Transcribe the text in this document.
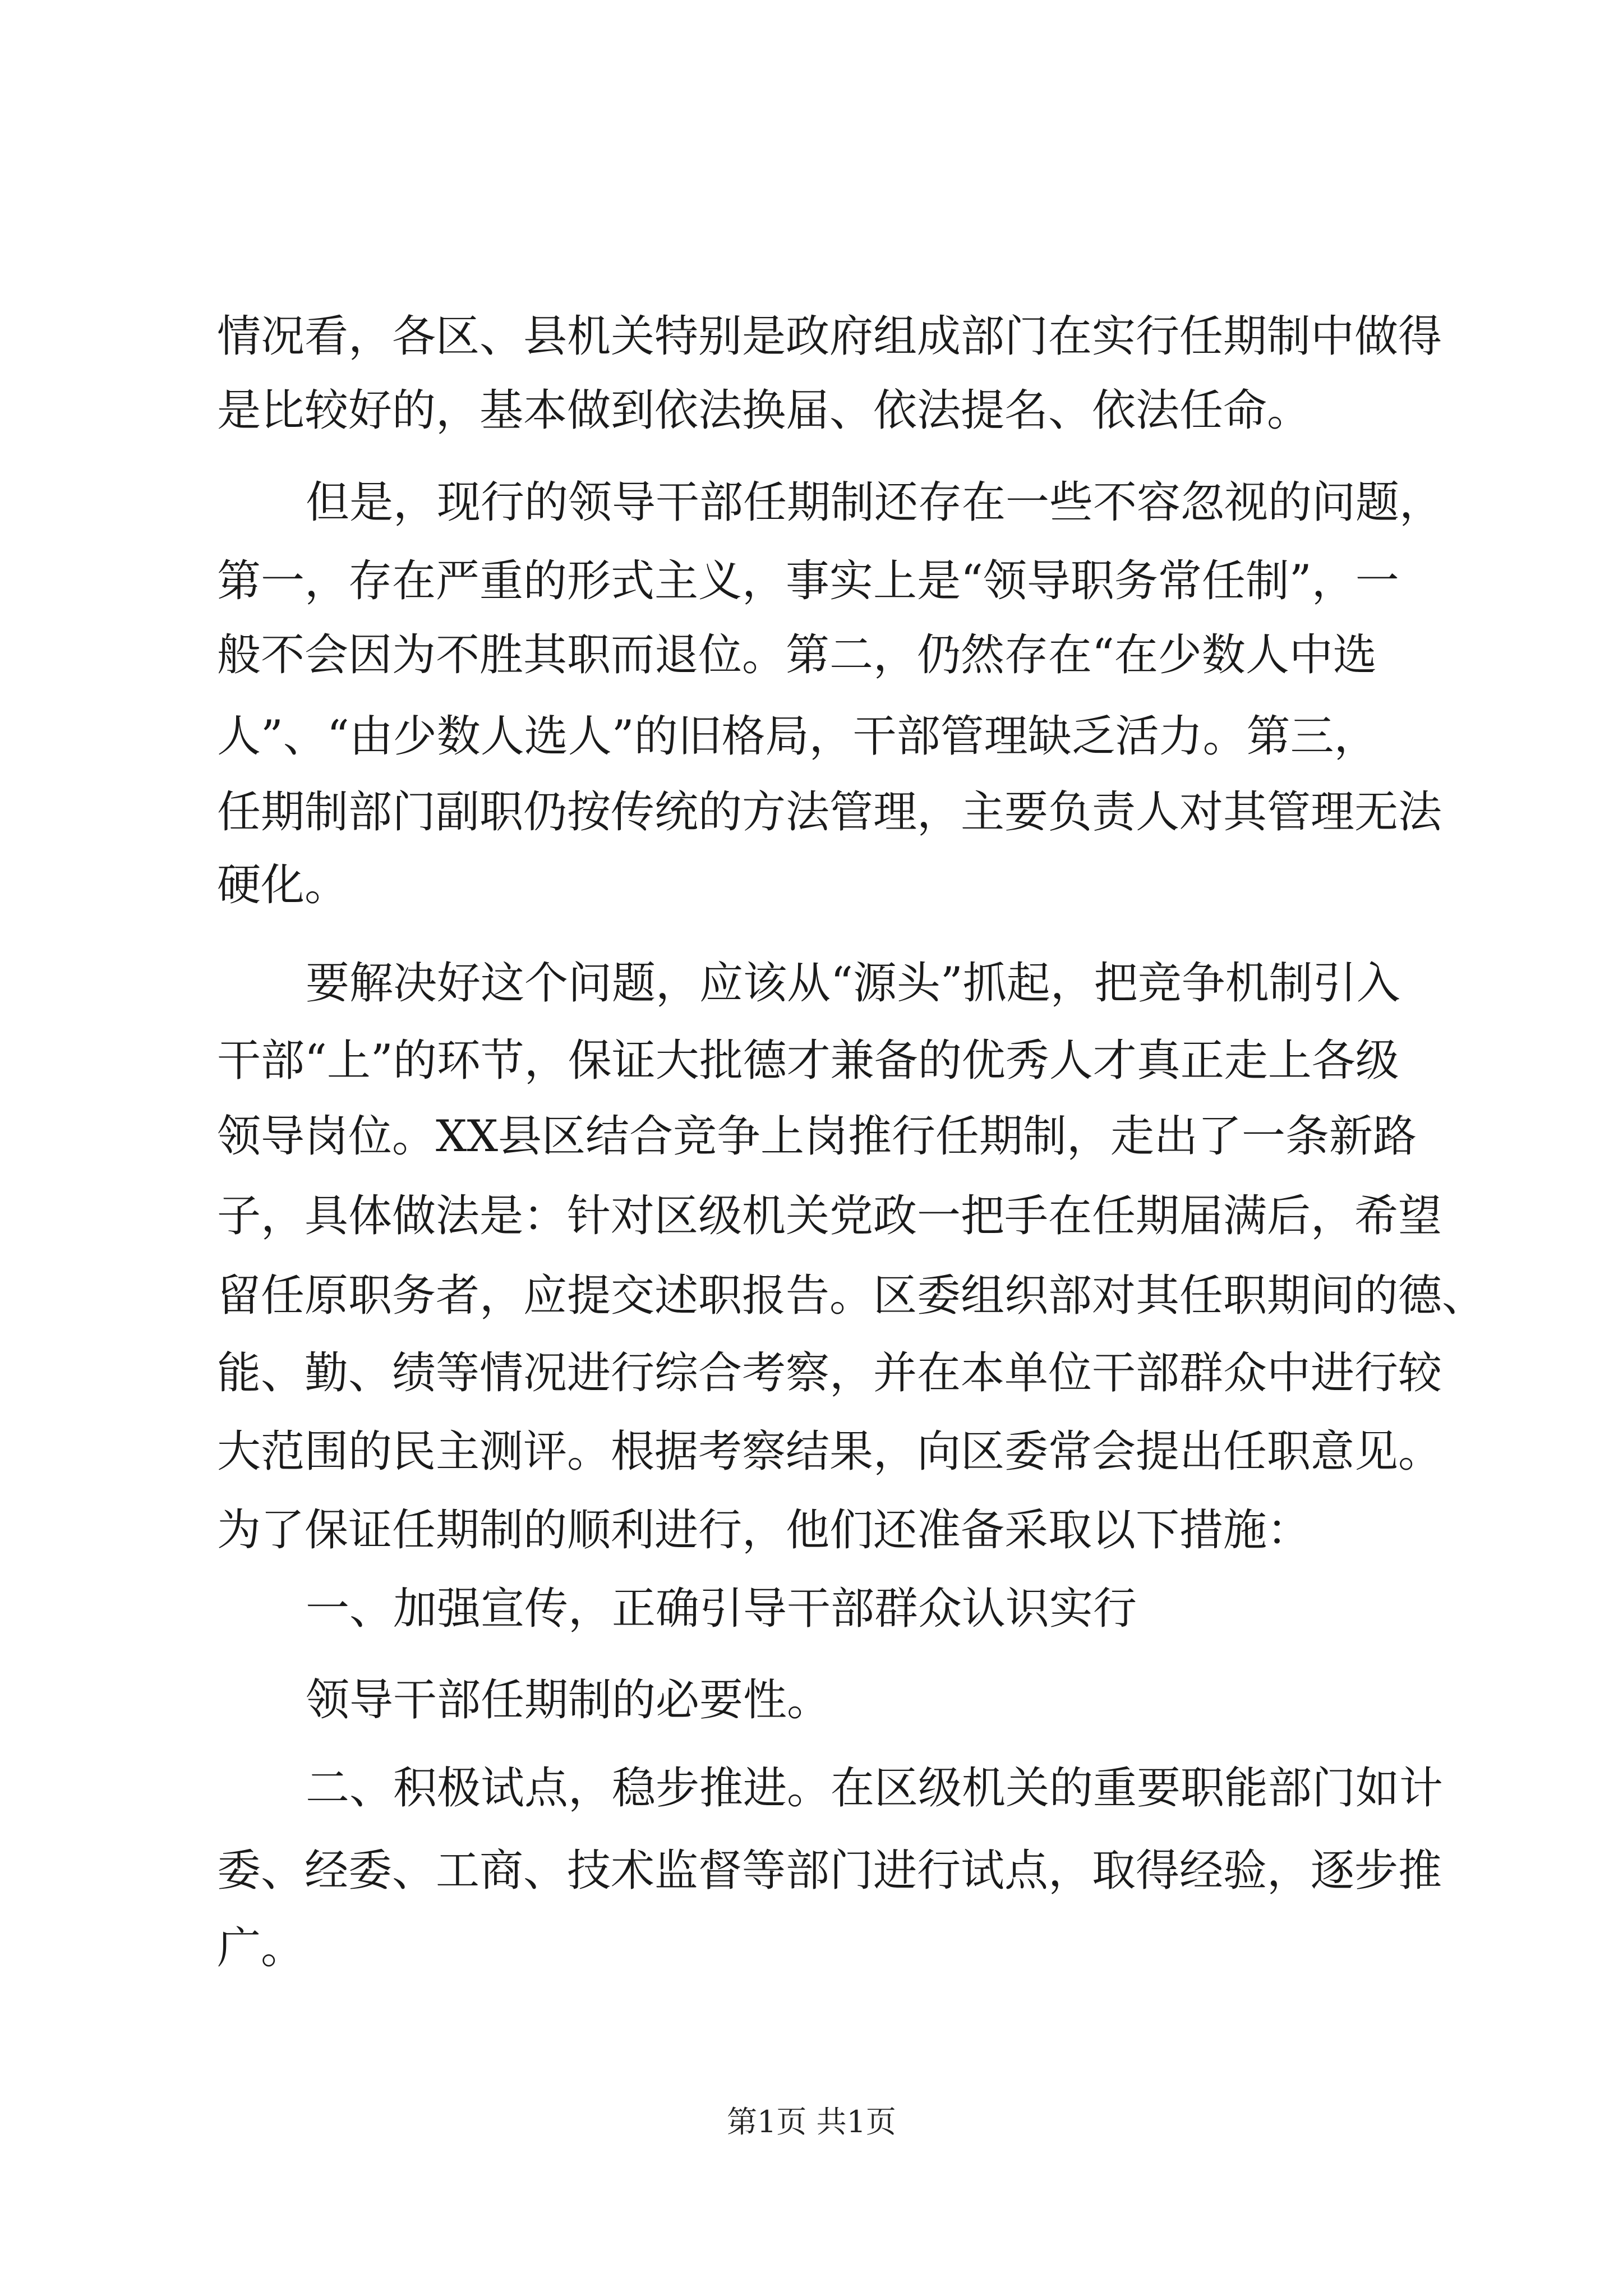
情况看，各区、县机关特别是政府组成部门在实行任期制中做得

是比较好的，基本做到依法换届、依法提名、依法任命。

但是，现行的领导干部任期制还存在一些不容忽视的问题，

第一，存在严重的形式主义，事实上是“领导职务常任制”，一

般不会因为不胜其职而退位。第二，仍然存在“在少数人中选

人”、“由少数人选人”的旧格局，干部管理缺乏活力。第三，

任期制部门副职仍按传统的方法管理，主要负责人对其管理无法

硬化。

要解决好这个问题，应该从“源头”抓起，把竞争机制引入

干部“上”的环节，保证大批德才兼备的优秀人才真正走上各级

领导岗位。XX县区结合竞争上岗推行任期制，走出了一条新路

子，具体做法是：针对区级机关党政一把手在任期届满后，希望

留任原职务者，应提交述职报告。区委组织部对其任职期间的德、

能、勤、绩等情况进行综合考察，并在本单位干部群众中进行较

大范围的民主测评。根据考察结果，向区委常会提出任职意见。

为了保证任期制的顺利进行，他们还准备采取以下措施：

一、加强宣传，正确引导干部群众认识实行

领导干部任期制的必要性。

二、积极试点，稳步推进。在区级机关的重要职能部门如计

委、经委、工商、技术监督等部门进行试点，取得经验，逐步推

广。

第1页 共1页
